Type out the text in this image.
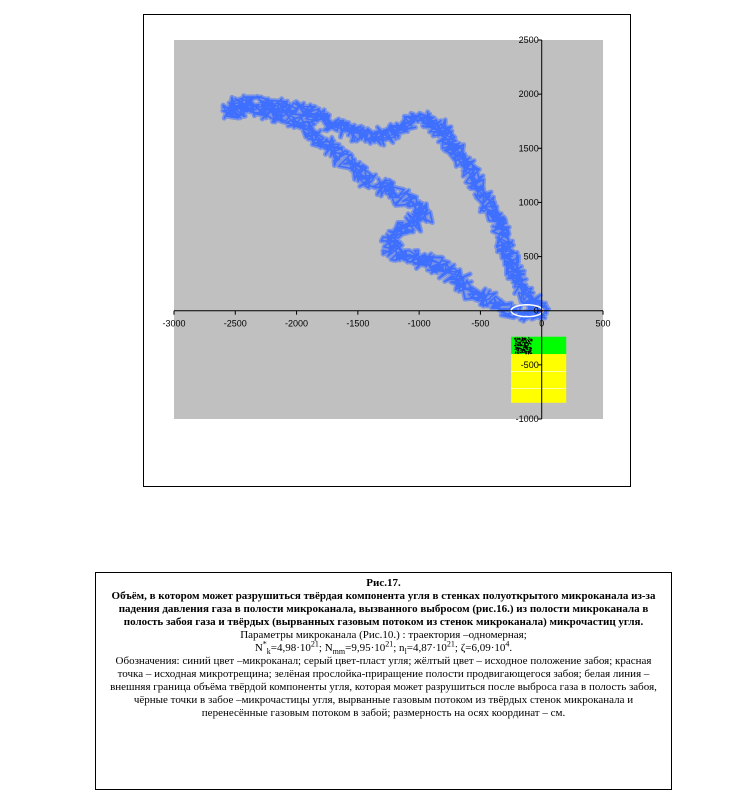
-3000	-2500	-2000	-1500	-1000	-500	0	500
2500
2000
1500
1000
500
0
-500
-1000

Рис.17.

Объём, в котором может разрушиться твёрдая компонента угля в стенках полуоткрытого микроканала из-за падения давления газа в полости микроканала, вызванного выбросом (рис.16.) из полости микроканала в полость забоя газа и твёрдых (вырванных газовым потоком из стенок микроканала) микрочастиц угля.

Параметры микроканала (Рис.10.) : траектория –одномерная;

$N^*_k=4,98\cdot 10^{21}$; $N_{mm}=9,95\cdot 10^{21}$; $n_l=4,87\cdot 10^{21}$; $\zeta=6,09\cdot 10^4$.

Обозначения: синий цвет –микроканал; серый цвет-пласт угля; жёлтый цвет – исходное положение забоя; красная точка – исходная микротрещина; зелёная прослойка-приращение полости продвигающегося забоя; белая линия – внешняя граница объёма твёрдой компоненты угля, которая может разрушиться после выброса газа в полость забоя, чёрные точки в забое –микрочастицы угля, вырванные газовым потоком из твёрдых стенок микроканала и перенесённые газовым потоком в забой; размерность на осях координат – см.
